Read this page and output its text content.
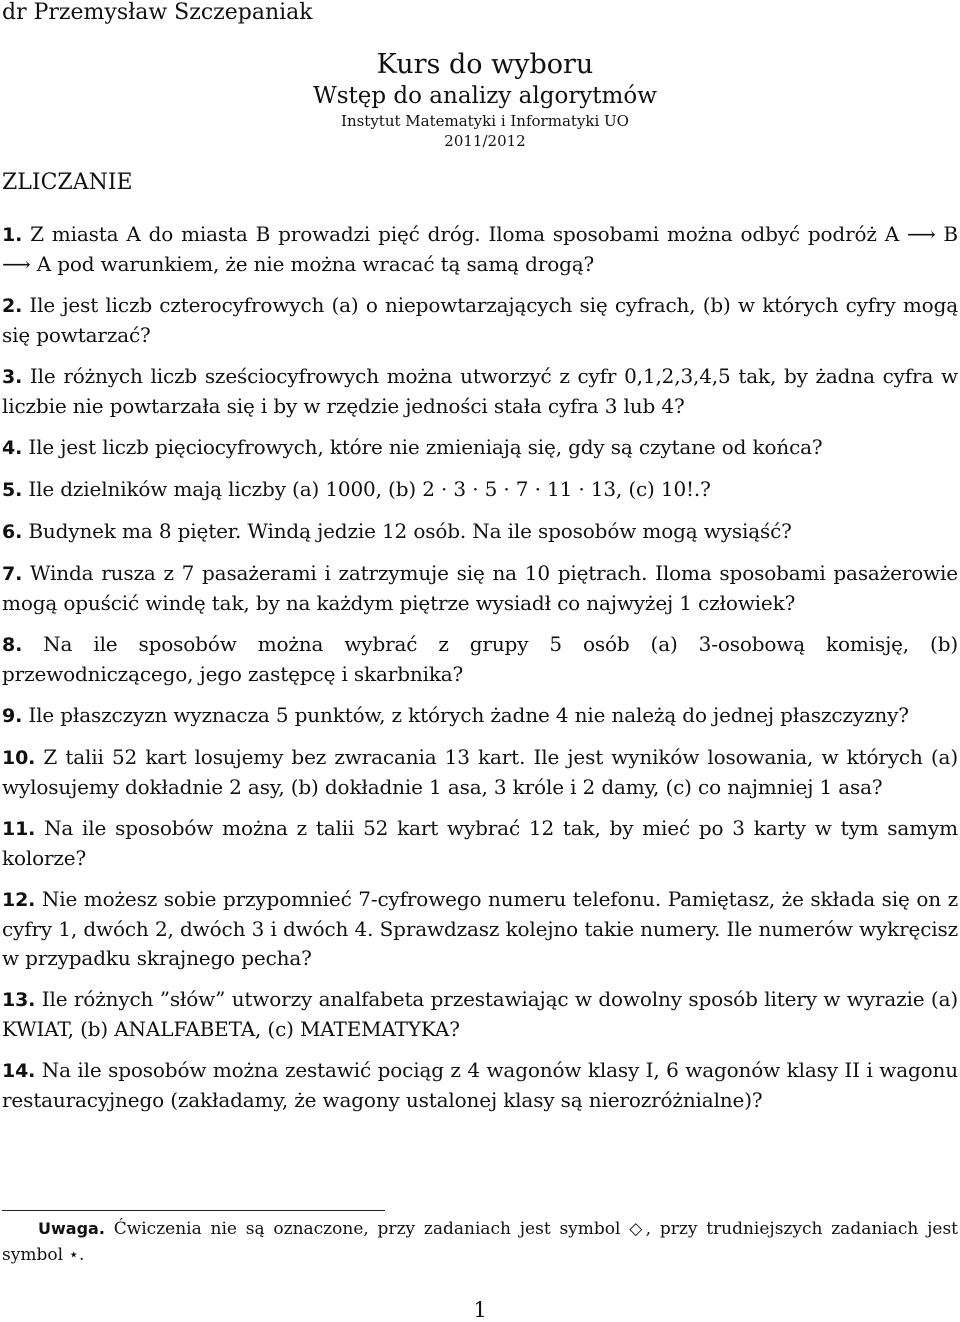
dr Przemysław Szczepaniak
Kurs do wyboru
Wstęp do analizy algorytmów
Instytut Matematyki i Informatyki UO
2011/2012
ZLICZANIE
1. Z miasta A do miasta B prowadzi pięć dróg. Iloma sposobami można odbyć podróż A ⟶ B ⟶ A pod warunkiem, że nie można wracać tą samą drogą?
2. Ile jest liczb czterocyfrowych (a) o niepowtarzających się cyfrach, (b) w których cyfry mogą się powtarzać?
3. Ile różnych liczb sześciocyfrowych można utworzyć z cyfr 0,1,2,3,4,5 tak, by żadna cyfra w liczbie nie powtarzała się i by w rzędzie jedności stała cyfra 3 lub 4?
4. Ile jest liczb pięciocyfrowych, które nie zmieniają się, gdy są czytane od końca?
5. Ile dzielników mają liczby (a) 1000, (b) 2 · 3 · 5 · 7 · 11 · 13, (c) 10!.?
6. Budynek ma 8 pięter. Windą jedzie 12 osób. Na ile sposobów mogą wysiąść?
7. Winda rusza z 7 pasażerami i zatrzymuje się na 10 piętrach. Iloma sposobami pasażerowie mogą opuścić windę tak, by na każdym piętrze wysiadł co najwyżej 1 człowiek?
8. Na ile sposobów można wybrać z grupy 5 osób (a) 3-osobową komisję, (b) przewodniczącego, jego zastępcę i skarbnika?
9. Ile płaszczyzn wyznacza 5 punktów, z których żadne 4 nie należą do jednej płaszczyzny?
10. Z talii 52 kart losujemy bez zwracania 13 kart. Ile jest wyników losowania, w których (a) wylosujemy dokładnie 2 asy, (b) dokładnie 1 asa, 3 króle i 2 damy, (c) co najmniej 1 asa?
11. Na ile sposobów można z talii 52 kart wybrać 12 tak, by mieć po 3 karty w tym samym kolorze?
12. Nie możesz sobie przypomnieć 7-cyfrowego numeru telefonu. Pamiętasz, że składa się on z cyfry 1, dwóch 2, dwóch 3 i dwóch 4. Sprawdzasz kolejno takie numery. Ile numerów wykręcisz w przypadku skrajnego pecha?
13. Ile różnych ”słów” utworzy analfabeta przestawiając w dowolny sposób litery w wyrazie (a) KWIAT, (b) ANALFABETA, (c) MATEMATYKA?
14. Na ile sposobów można zestawić pociąg z 4 wagonów klasy I, 6 wagonów klasy II i wagonu restauracyjnego (zakładamy, że wagony ustalonej klasy są nierozróżnialne)?
Uwaga. Ćwiczenia nie są oznaczone, przy zadaniach jest symbol ◇, przy trudniejszych zadaniach jest symbol ⋆.
1
